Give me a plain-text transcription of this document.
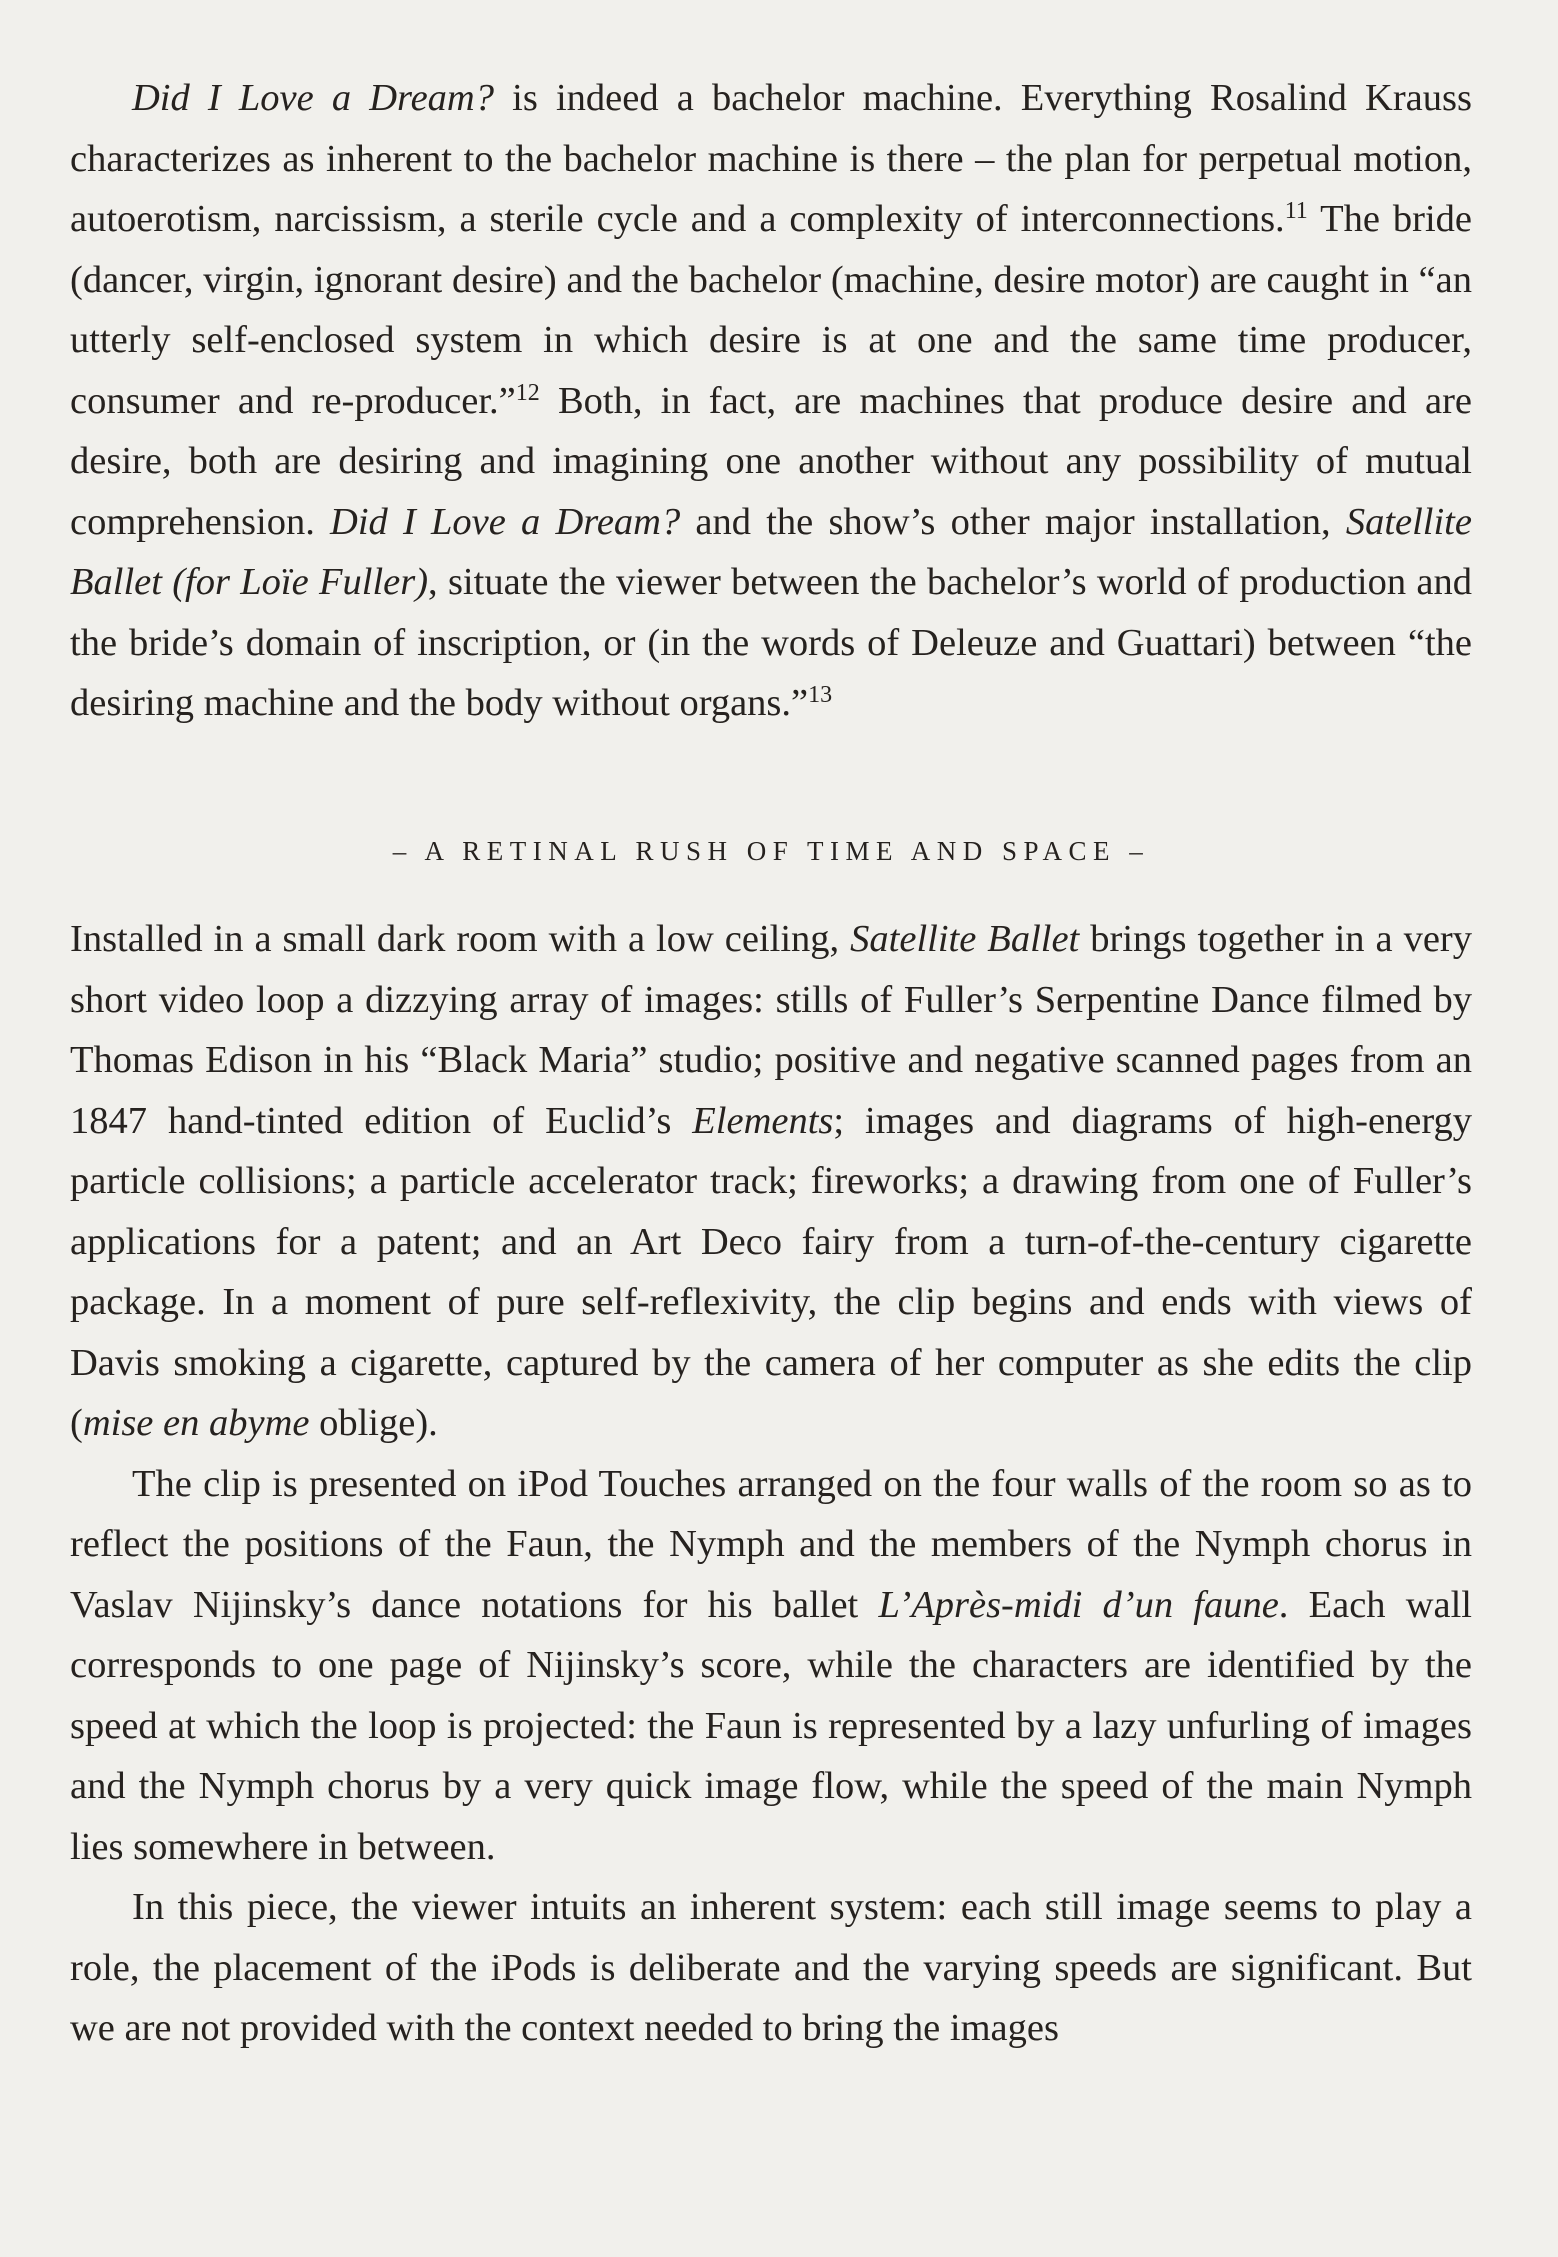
Did I Love a Dream? is indeed a bachelor machine. Everything Rosalind Krauss characterizes as inherent to the bachelor machine is there – the plan for perpetual motion, autoerotism, narcissism, a sterile cycle and a complexity of interconnections.$^{11}$ The bride (dancer, virgin, ignorant desire) and the bachelor (machine, desire motor) are caught in “an utterly self-enclosed system in which desire is at one and the same time producer, consumer and re-producer.”$^{12}$ Both, in fact, are machines that produce desire and are desire, both are desiring and imagining one another without any possibility of mutual comprehension. Did I Love a Dream? and the show’s other major installation, Satellite Ballet (for Loïe Fuller), situate the viewer between the bachelor’s world of production and the bride’s domain of inscription, or (in the words of Deleuze and Guattari) between “the desiring machine and the body without organs.”$^{13}$

– A RETINAL RUSH OF TIME AND SPACE –

Installed in a small dark room with a low ceiling, Satellite Ballet brings together in a very short video loop a dizzying array of images: stills of Fuller’s Serpentine Dance filmed by Thomas Edison in his “Black Maria” studio; positive and negative scanned pages from an 1847 hand-tinted edition of Euclid’s Elements; images and diagrams of high-energy particle collisions; a particle accelerator track; fireworks; a drawing from one of Fuller’s applications for a patent; and an Art Deco fairy from a turn-of-the-century cigarette package. In a moment of pure self-reflexivity, the clip begins and ends with views of Davis smoking a cigarette, captured by the camera of her computer as she edits the clip (mise en abyme oblige).

The clip is presented on iPod Touches arranged on the four walls of the room so as to reflect the positions of the Faun, the Nymph and the members of the Nymph chorus in Vaslav Nijinsky’s dance notations for his ballet L’Après-midi d’un faune. Each wall corresponds to one page of Nijinsky’s score, while the characters are identified by the speed at which the loop is projected: the Faun is represented by a lazy unfurling of images and the Nymph chorus by a very quick image flow, while the speed of the main Nymph lies somewhere in between.

In this piece, the viewer intuits an inherent system: each still image seems to play a role, the placement of the iPods is deliberate and the varying speeds are significant. But we are not provided with the context needed to bring the images
